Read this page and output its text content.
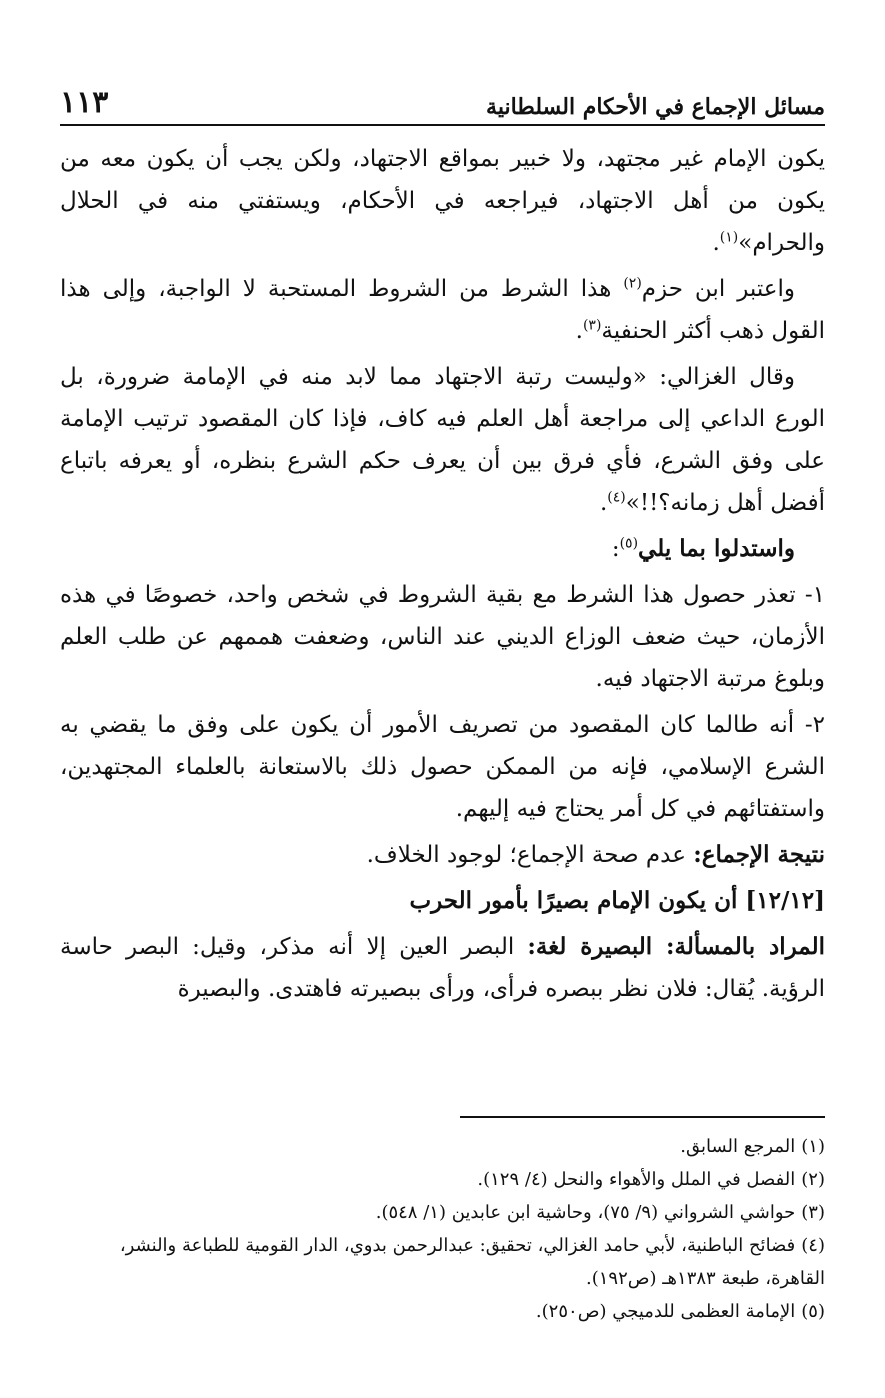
مسائل الإجماع في الأحكام السلطانية
١١٣

يكون الإمام غير مجتهد، ولا خبير بمواقع الاجتهاد، ولكن يجب أن يكون معه من يكون من أهل الاجتهاد، فيراجعه في الأحكام، ويستفتي منه في الحلال والحرام»$^{(١)}$.

واعتبر ابن حزم$^{(٢)}$ هذا الشرط من الشروط المستحبة لا الواجبة، وإلى هذا القول ذهب أكثر الحنفية$^{(٣)}$.

وقال الغزالي: «وليست رتبة الاجتهاد مما لابد منه في الإمامة ضرورة، بل الورع الداعي إلى مراجعة أهل العلم فيه كاف، فإذا كان المقصود ترتيب الإمامة على وفق الشرع، فأي فرق بين أن يعرف حكم الشرع بنظره، أو يعرفه باتباع أفضل أهل زمانه؟!!»$^{(٤)}$.

واستدلوا بما يلي$^{(٥)}$:

١- تعذر حصول هذا الشرط مع بقية الشروط في شخص واحد، خصوصًا في هذه الأزمان، حيث ضعف الوزاع الديني عند الناس، وضعفت هممهم عن طلب العلم وبلوغ مرتبة الاجتهاد فيه.

٢- أنه طالما كان المقصود من تصريف الأمور أن يكون على وفق ما يقضي به الشرع الإسلامي، فإنه من الممكن حصول ذلك بالاستعانة بالعلماء المجتهدين، واستفتائهم في كل أمر يحتاج فيه إليهم.

نتيجة الإجماع: عدم صحة الإجماع؛ لوجود الخلاف.

[١٢/١٢] أن يكون الإمام بصيرًا بأمور الحرب

المراد بالمسألة: البصيرة لغة: البصر العين إلا أنه مذكر، وقيل: البصر حاسة الرؤية. يُقال: فلان نظر ببصره فرأى، ورأى ببصيرته فاهتدى. والبصيرة

(١)المرجع السابق.

(٢)الفصل في الملل والأهواء والنحل (٤/ ١٢٩).

(٣)حواشي الشرواني (٩/ ٧٥)، وحاشية ابن عابدين (١/ ٥٤٨).

(٤)فضائح الباطنية، لأبي حامد الغزالي، تحقيق: عبدالرحمن بدوي، الدار القومية للطباعة والنشر، القاهرة، طبعة ١٣٨٣هـ (ص١٩٢).

(٥)الإمامة العظمى للدميجي (ص٢٥٠).
